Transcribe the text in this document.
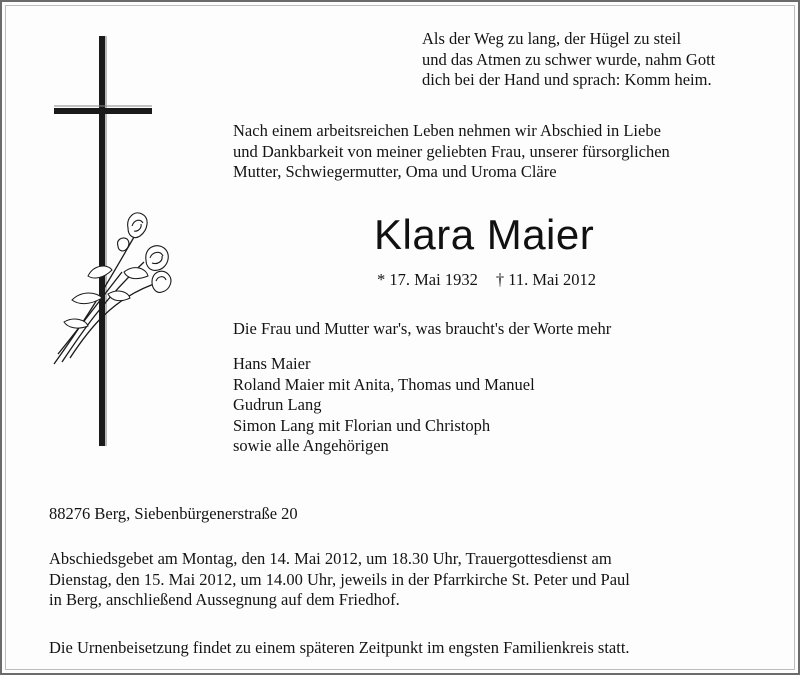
Als der Weg zu lang, der Hügel zu steil
und das Atmen zu schwer wurde, nahm Gott
dich bei der Hand und sprach: Komm heim.

Nach einem arbeitsreichen Leben nehmen wir Abschied in Liebe
und Dankbarkeit von meiner geliebten Frau, unserer fürsorglichen
Mutter, Schwiegermutter, Oma und Uroma Cläre

Klara Maier

* 17. Mai 1932 † 11. Mai 2012

Die Frau und Mutter war's, was braucht's der Worte mehr

Hans Maier
Roland Maier mit Anita, Thomas und Manuel
Gudrun Lang
Simon Lang mit Florian und Christoph
sowie alle Angehörigen

88276 Berg, Siebenbürgenerstraße 20

Abschiedsgebet am Montag, den 14. Mai 2012, um 18.30 Uhr, Trauergottesdienst am
Dienstag, den 15. Mai 2012, um 14.00 Uhr, jeweils in der Pfarrkirche St. Peter und Paul
in Berg, anschließend Aussegnung auf dem Friedhof.

Die Urnenbeisetzung findet zu einem späteren Zeitpunkt im engsten Familienkreis statt.
